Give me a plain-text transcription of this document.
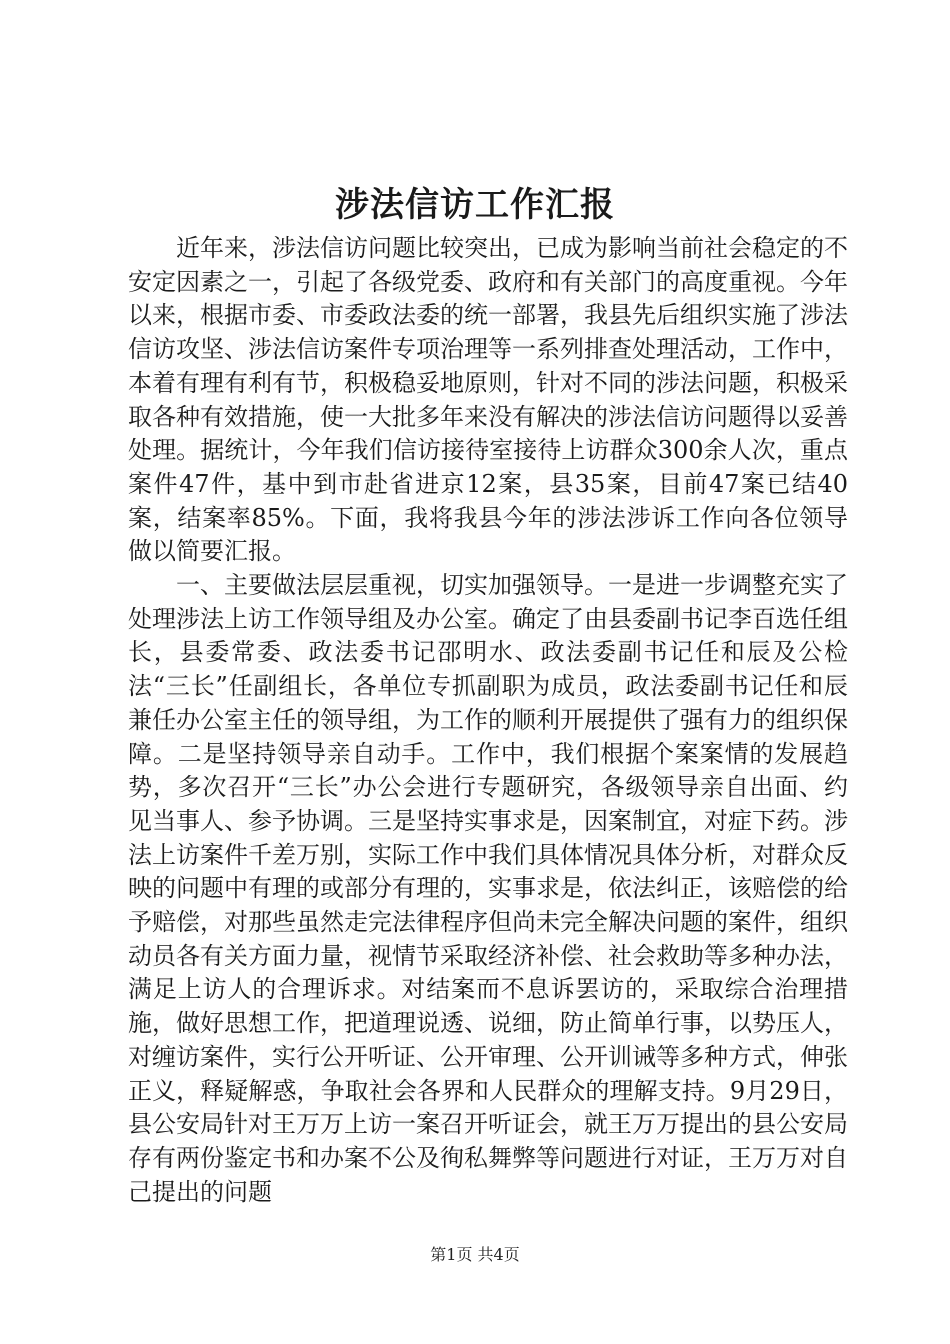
涉法信访工作汇报

近年来，涉法信访问题比较突出，已成为影响当前社会稳定的不安定因素之一，引起了各级党委、政府和有关部门的高度重视。今年以来，根据市委、市委政法委的统一部署，我县先后组织实施了涉法信访攻坚、涉法信访案件专项治理等一系列排查处理活动，工作中，本着有理有利有节，积极稳妥地原则，针对不同的涉法问题，积极采取各种有效措施，使一大批多年来没有解决的涉法信访问题得以妥善处理。据统计，今年我们信访接待室接待上访群众300余人次，重点案件47件，基中到市赴省进京12案，县35案，目前47案已结40案，结案率85%。下面，我将我县今年的涉法涉诉工作向各位领导做以简要汇报。

一、主要做法层层重视，切实加强领导。一是进一步调整充实了处理涉法上访工作领导组及办公室。确定了由县委副书记李百选任组长，县委常委、政法委书记邵明水、政法委副书记任和辰及公检法“三长”任副组长，各单位专抓副职为成员，政法委副书记任和辰兼任办公室主任的领导组，为工作的顺利开展提供了强有力的组织保障。二是坚持领导亲自动手。工作中，我们根据个案案情的发展趋势，多次召开“三长”办公会进行专题研究，各级领导亲自出面、约见当事人、参予协调。三是坚持实事求是，因案制宜，对症下药。涉法上访案件千差万别，实际工作中我们具体情况具体分析，对群众反映的问题中有理的或部分有理的，实事求是，依法纠正，该赔偿的给予赔偿，对那些虽然走完法律程序但尚未完全解决问题的案件，组织动员各有关方面力量，视情节采取经济补偿、社会救助等多种办法，满足上访人的合理诉求。对结案而不息诉罢访的，采取综合治理措施，做好思想工作，把道理说透、说细，防止简单行事，以势压人，对缠访案件，实行公开听证、公开审理、公开训诫等多种方式，伸张正义，释疑解惑，争取社会各界和人民群众的理解支持。9月29日，县公安局针对王万万上访一案召开听证会，就王万万提出的县公安局存有两份鉴定书和办案不公及徇私舞弊等问题进行对证，王万万对自己提出的问题

第1页 共4页
